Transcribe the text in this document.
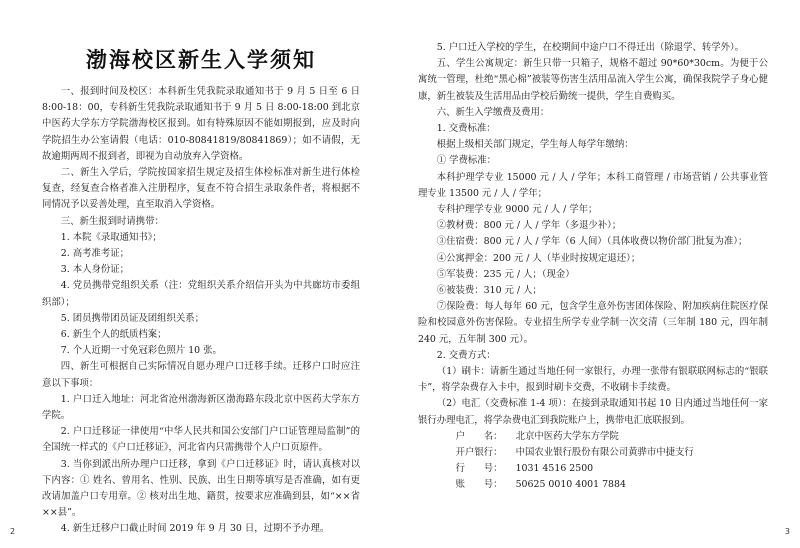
渤海校区新生入学须知

一、报到时间及校区：本科新生凭我院录取通知书于 9 月 5 日至 6 日 8:00-18：00，专科新生凭我院录取通知书于 9 月 5 日 8:00-18:00 到北京中医药大学东方学院渤海校区报到。如有特殊原因不能如期报到，应及时向学院招生办公室请假（电话：010-80841819/80841869）；如不请假，无故逾期两周不报到者，即视为自动放弃入学资格。

二、新生入学后，学院按国家招生规定及招生体检标准对新生进行体检复查，经复查合格者准入注册程序，复查不符合招生录取条件者，将根据不同情况予以妥善处理，直至取消入学资格。

三、新生报到时请携带：

1. 本院《录取通知书》；

2. 高考准考证；

3. 本人身份证；

4. 党员携带党组织关系（注：党组织关系介绍信开头为中共廊坊市委组织部）；

5. 团员携带团员证及团组织关系；

6. 新生个人的纸质档案；

7. 个人近期一寸免冠彩色照片 10 张。

四、新生可根据自己实际情况自愿办理户口迁移手续。迁移户口时应注意以下事项：

1. 户口迁入地址：河北省沧州渤海新区渤海路东段北京中医药大学东方学院。

2. 户口迁移证一律使用“中华人民共和国公安部门户口证管理局监制”的全国统一样式的《户口迁移证》，河北省内只需携带个人户口页原件。

3. 当你到派出所办理户口迁移，拿到《户口迁移证》时，请认真核对以下内容：① 姓名、曾用名、性别、民族、出生日期等填写是否准确，如有更改请加盖户口专用章。② 核对出生地、籍贯，按要求应准确到县，如“××省××县”。

4. 新生迁移户口截止时间 2019 年 9 月 30 日，过期不予办理。

2

5. 户口迁入学校的学生，在校期间中途户口不得迁出（除退学、转学外）。

五、学生公寓规定：新生只带一只箱子，规格不超过 90*60*30cm。为便于公寓统一管理，杜绝“黑心棉”被装等伤害生活用品流入学生公寓，确保我院学子身心健康，新生被装及生活用品由学校后勤统一提供，学生自费购买。

六、新生入学缴费及费用：

1. 交费标准：

根据上级相关部门规定，学生每人每学年缴纳：

① 学费标准：

本科护理学专业 15000 元 / 人 / 学年；本科工商管理 / 市场营销 / 公共事业管理专业 13500 元 / 人 / 学年；

专科护理学专业 9000 元 / 人 / 学年；

②教材费：800 元 / 人 / 学年（多退少补）；

③住宿费：800 元 / 人 / 学年（6 人间）（具体收费以物价部门批复为准）；

④公寓押金：200 元 / 人（毕业时按规定退还）；

⑤军装费：235 元 / 人；（现金）

⑥被装费：310 元 / 人；

⑦保险费：每人每年 60 元，包含学生意外伤害团体保险、附加疾病住院医疗保险和校园意外伤害保险。专业招生所学专业学制一次交清（三年制 180 元，四年制 240 元，五年制 300 元）。

2. 交费方式：

（1）刷卡：请新生通过当地任何一家银行，办理一张带有银联联网标志的“银联卡”，将学杂费存入卡中，报到时刷卡交费，不收刷卡手续费。

（2）电汇（交费标准 1-4 项）：在接到录取通知书起 10 日内通过当地任何一家银行办理电汇，将学杂费电汇到我院账户上，携带电汇底联报到。

户　　名： 北京中医药大学东方学院

开户银行： 中国农业银行股份有限公司黄骅市中捷支行

行　　号： 1031 4516 2500

账　　号： 50625 0010 4001 7884

3
